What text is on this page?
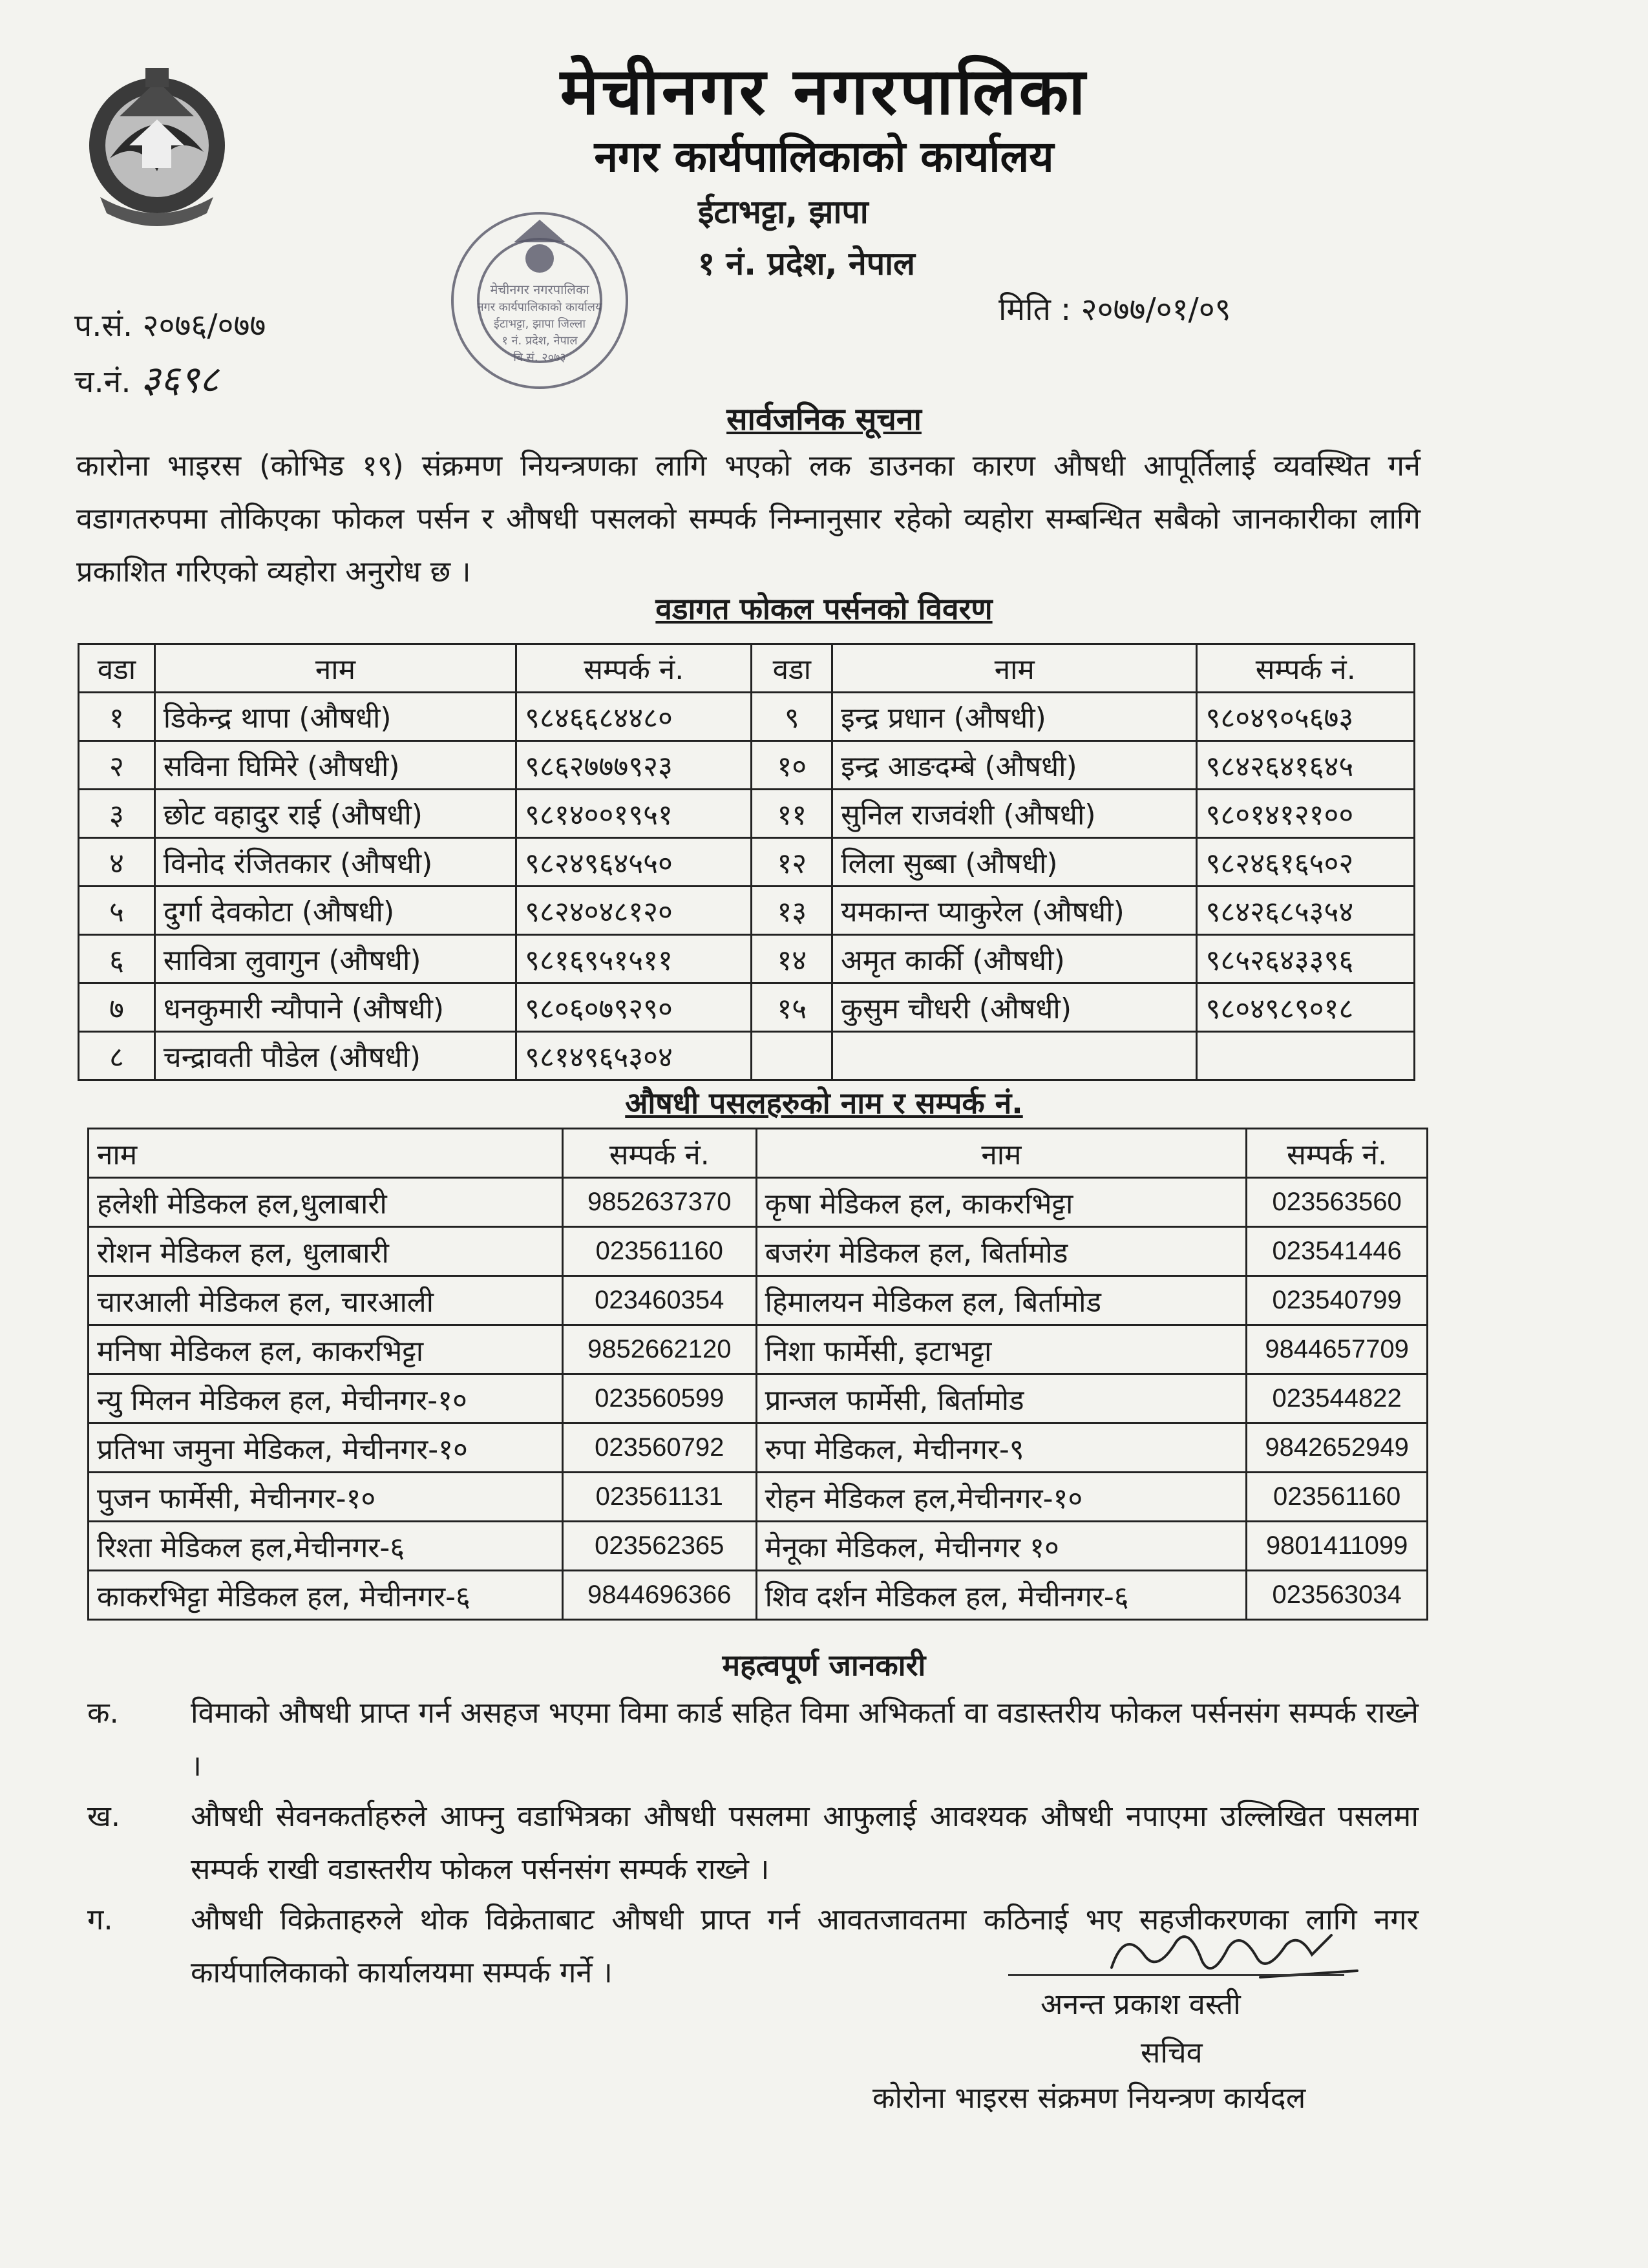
मेचीनगर नगरपालिका
नगर कार्यपालिकाको कार्यालय
ईटाभट्टा, झापा
१ नं. प्रदेश, नेपाल
मेचीनगर नगरपालिका
नगर कार्यपालिकाको कार्यालय
ईटाभट्टा, झापा जिल्ला
१ नं. प्रदेश, नेपाल
वि.सं. २०७३
प.सं. २०७६/०७७
च.नं. ३६९८
मिति : २०७७/०१/०९
सार्वजनिक सूचना
कारोना भाइरस (कोभिड १९) संक्रमण नियन्त्रणका लागि भएको लक डाउनका कारण औषधी आपूर्तिलाई व्यवस्थित गर्न वडागतरुपमा तोकिएका फोकल पर्सन र औषधी पसलको सम्पर्क निम्नानुसार रहेको व्यहोरा सम्बन्धित सबैको जानकारीका लागि प्रकाशित गरिएको व्यहोरा अनुरोध छ ।
वडागत फोकल पर्सनको विवरण
वडा	नाम	सम्पर्क नं.	वडा	नाम	सम्पर्क नं.
१	डिकेन्द्र थापा (औषधी)	९८४६६८४४८०	९	इन्द्र प्रधान (औषधी)	९८०४९०५६७३
२	सविना घिमिरे (औषधी)	९८६२७७७९२३	१०	इन्द्र आङदम्बे (औषधी)	९८४२६४१६४५
३	छोट वहादुर राई (औषधी)	९८१४००१९५१	११	सुनिल राजवंशी (औषधी)	९८०१४१२१००
४	विनोद रंजितकार (औषधी)	९८२४९६४५५०	१२	लिला सुब्बा (औषधी)	९८२४६१६५०२
५	दुर्गा देवकोटा (औषधी)	९८२४०४८१२०	१३	यमकान्त प्याकुरेल (औषधी)	९८४२६८५३५४
६	सावित्रा लुवागुन (औषधी)	९८१६९५१५११	१४	अमृत कार्की (औषधी)	९८५२६४३३९६
७	धनकुमारी न्यौपाने (औषधी)	९८०६०७९२९०	१५	कुसुम चौधरी (औषधी)	९८०४९८९०१८
८	चन्द्रावती पौडेल (औषधी)	९८१४९६५३०४			
औषधी पसलहरुको नाम र सम्पर्क नं.
नाम	सम्पर्क नं.	नाम	सम्पर्क नं.
हलेशी मेडिकल हल,धुलाबारी	9852637370	कृषा मेडिकल हल, काकरभिट्टा	023563560
रोशन मेडिकल हल, धुलाबारी	023561160	बजरंग मेडिकल हल, बिर्तामोड	023541446
चारआली मेडिकल हल, चारआली	023460354	हिमालयन मेडिकल हल, बिर्तामोड	023540799
मनिषा मेडिकल हल, काकरभिट्टा	9852662120	निशा फार्मेसी, इटाभट्टा	9844657709
न्यु मिलन मेडिकल हल, मेचीनगर-१०	023560599	प्रान्जल फार्मेसी, बिर्तामोड	023544822
प्रतिभा जमुना मेडिकल, मेचीनगर-१०	023560792	रुपा मेडिकल, मेचीनगर-९	9842652949
पुजन फार्मेसी, मेचीनगर-१०	023561131	रोहन मेडिकल हल,मेचीनगर-१०	023561160
रिश्ता मेडिकल हल,मेचीनगर-६	023562365	मेनूका मेडिकल, मेचीनगर १०	9801411099
काकरभिट्टा मेडिकल हल, मेचीनगर-६	9844696366	शिव दर्शन मेडिकल हल, मेचीनगर-६	023563034
महत्वपूर्ण जानकारी
क. विमाको औषधी प्राप्त गर्न असहज भएमा विमा कार्ड सहित विमा अभिकर्ता वा वडास्तरीय फोकल पर्सनसंग सम्पर्क राख्ने ।
ख. औषधी सेवनकर्ताहरुले आफ्नु वडाभित्रका औषधी पसलमा आफुलाई आवश्यक औषधी नपाएमा उल्लिखित पसलमा सम्पर्क राखी वडास्तरीय फोकल पर्सनसंग सम्पर्क राख्ने ।
ग.	औषधी विक्रेताहरुले थोक विक्रेताबाट औषधी प्राप्त गर्न आवतजावतमा कठिनाई भए सहजीकरणका लागि नगर कार्यपालिकाको कार्यालयमा सम्पर्क गर्ने ।
अनन्त प्रकाश वस्ती
सचिव
कोरोना भाइरस संक्रमण नियन्त्रण कार्यदल
